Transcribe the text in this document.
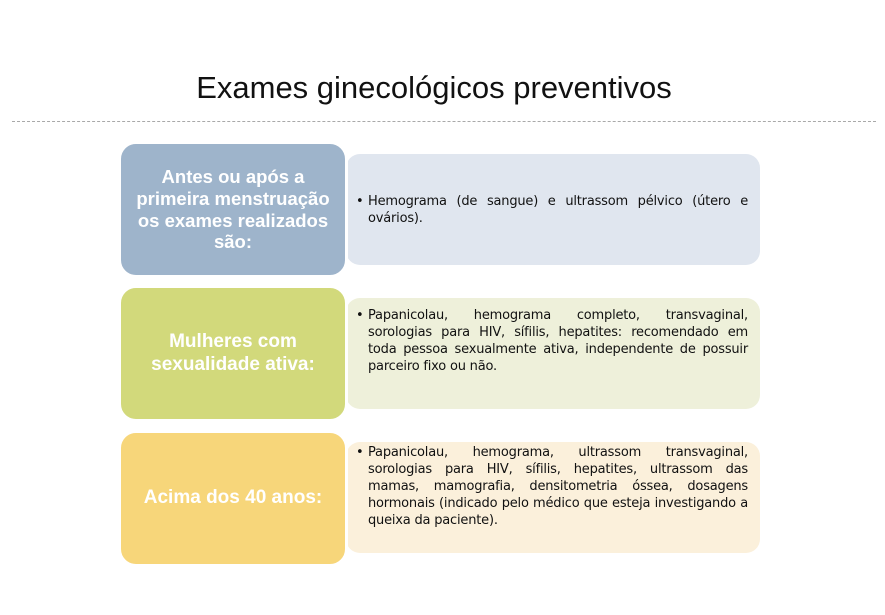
Exames ginecológicos preventivos
• Hemograma (de sangue) e ultrassom pélvico (útero e ovários).
Antes ou após a primeira menstruação os exames realizados são:
• Papanicolau, hemograma completo, transvaginal, sorologias para HIV, sífilis, hepatites: recomendado em toda pessoa sexualmente ativa, independente de possuir parceiro fixo ou não.
Mulheres com sexualidade ativa:
• Papanicolau, hemograma, ultrassom transvaginal, sorologias para HIV, sífilis, hepatites, ultrassom das mamas, mamografia, densitometria óssea, dosagens hormonais (indicado pelo médico que esteja investigando a queixa da paciente).
Acima dos 40 anos:
